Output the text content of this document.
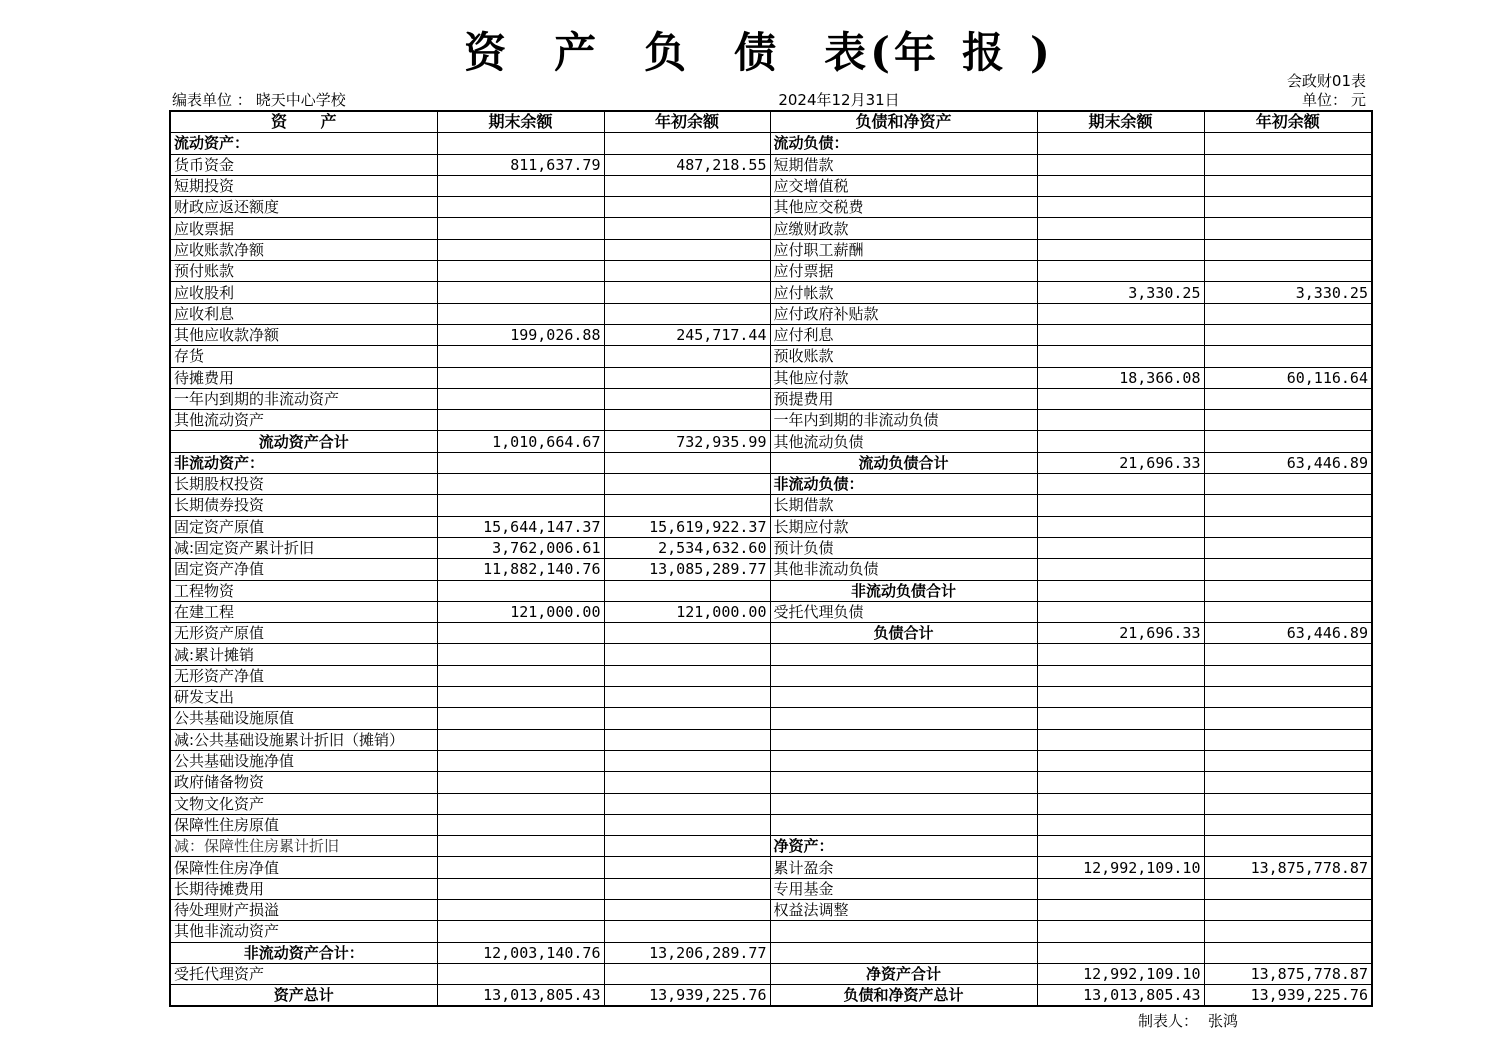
资 产 负 债 表(年 报 )
会政财01表
单位： 元
编表单位 ： 晓天中心学校	2024年12月31日
资      产	期末余额	年初余额	负债和净资产	期末余额	年初余额
流动资产：			流动负债：		
货币资金	811,637.79	487,218.55	短期借款		
短期投资			应交增值税		
财政应返还额度			其他应交税费		
应收票据			应缴财政款		
应收账款净额			应付职工薪酬		
预付账款			应付票据		
应收股利			应付帐款	3,330.25	3,330.25
应收利息			应付政府补贴款		
其他应收款净额	199,026.88	245,717.44	应付利息		
存货			预收账款		
待摊费用			其他应付款	18,366.08	60,116.64
一年内到期的非流动资产			预提费用		
其他流动资产			一年内到期的非流动负债		
流动资产合计	1,010,664.67	732,935.99	其他流动负债		
非流动资产：			流动负债合计	21,696.33	63,446.89
长期股权投资			非流动负债：		
长期债券投资			长期借款		
固定资产原值	15,644,147.37	15,619,922.37	长期应付款		
减:固定资产累计折旧	3,762,006.61	2,534,632.60	预计负债		
固定资产净值	11,882,140.76	13,085,289.77	其他非流动负债		
工程物资			非流动负债合计		
在建工程	121,000.00	121,000.00	受托代理负债		
无形资产原值			负债合计	21,696.33	63,446.89
减:累计摊销					
无形资产净值					
研发支出					
公共基础设施原值					
减:公共基础设施累计折旧（摊销）					
公共基础设施净值					
政府储备物资					
文物文化资产					
保障性住房原值					
减：保障性住房累计折旧			净资产：		
保障性住房净值			累计盈余	12,992,109.10	13,875,778.87
长期待摊费用			专用基金		
待处理财产损溢			权益法调整		
其他非流动资产					
非流动资产合计：	12,003,140.76	13,206,289.77			
受托代理资产			净资产合计	12,992,109.10	13,875,778.87
资产总计	13,013,805.43	13,939,225.76	负债和净资产总计	13,013,805.43	13,939,225.76
制表人： 张鸿
